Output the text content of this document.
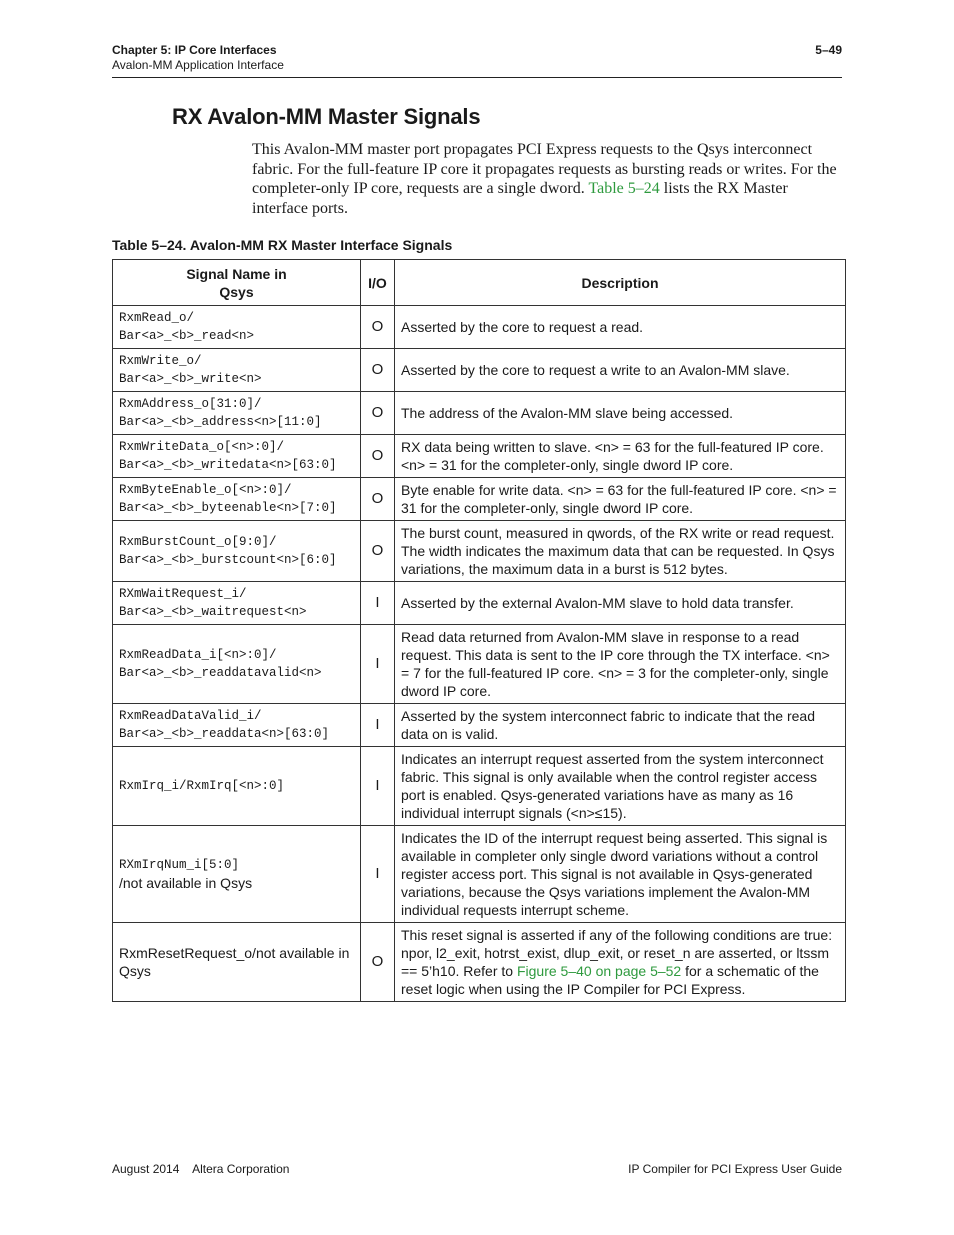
Chapter 5: IP Core Interfaces
Avalon-MM Application Interface
5–49
RX Avalon-MM Master Signals

This Avalon-MM master port propagates PCI Express requests to the Qsys interconnect fabric. For the full-feature IP core it propagates requests as bursting reads or writes. For the completer-only IP core, requests are a single dword. Table 5–24 lists the RX Master interface ports.

Table 5–24. Avalon-MM RX Master Interface Signals
Signal Name in
Qsys	I/O	Description

RxmRead_o/
Bar<a>_<b>_read<n>	O	Asserted by the core to request a read.

RxmWrite_o/
Bar<a>_<b>_write<n>	O	Asserted by the core to request a write to an Avalon-MM slave.

RxmAddress_o[31:0]/
Bar<a>_<b>_address<n>[11:0]	O	The address of the Avalon-MM slave being accessed.

RxmWriteData_o[<n>:0]/
Bar<a>_<b>_writedata<n>[63:0]	O	RX data being written to slave. <n> = 63 for the full-featured IP core. <n> = 31 for the completer-only, single dword IP core.

RxmByteEnable_o[<n>:0]/
Bar<a>_<b>_byteenable<n>[7:0]	O	Byte enable for write data. <n> = 63 for the full-featured IP core. <n> = 31 for the completer-only, single dword IP core.

RxmBurstCount_o[9:0]/
Bar<a>_<b>_burstcount<n>[6:0]	O	The burst count, measured in qwords, of the RX write or read request. The width indicates the maximum data that can be requested. In Qsys variations, the maximum data in a burst is 512 bytes.

RXmWaitRequest_i/
Bar<a>_<b>_waitrequest<n>	I	Asserted by the external Avalon-MM slave to hold data transfer.

RxmReadData_i[<n>:0]/
Bar<a>_<b>_readdatavalid<n>	I	Read data returned from Avalon-MM slave in response to a read request. This data is sent to the IP core through the TX interface. <n> = 7 for the full-featured IP core. <n> = 3 for the completer-only, single dword IP core.

RxmReadDataValid_i/
Bar<a>_<b>_readdata<n>[63:0]	I	Asserted by the system interconnect fabric to indicate that the read data on is valid.

RxmIrq_i/RxmIrq[<n>:0]	I	Indicates an interrupt request asserted from the system interconnect fabric. This signal is only available when the control register access port is enabled. Qsys-generated variations have as many as 16 individual interrupt signals (<n>≤15).

RXmIrqNum_i[5:0]
/not available in Qsys	I	Indicates the ID of the interrupt request being asserted. This signal is available in completer only single dword variations without a control register access port. This signal is not available in Qsys-generated variations, because the Qsys variations implement the Avalon-MM individual requests interrupt scheme.

RxmResetRequest_o/not available in Qsys	O	This reset signal is asserted if any of the following conditions are true: npor, l2_exit, hotrst_exist, dlup_exit, or reset_n are asserted, or ltssm == 5’h10. Refer to Figure 5–40 on page 5–52 for a schematic of the reset logic when using the IP Compiler for PCI Express.
August 2014    Altera Corporation	IP Compiler for PCI Express User Guide
